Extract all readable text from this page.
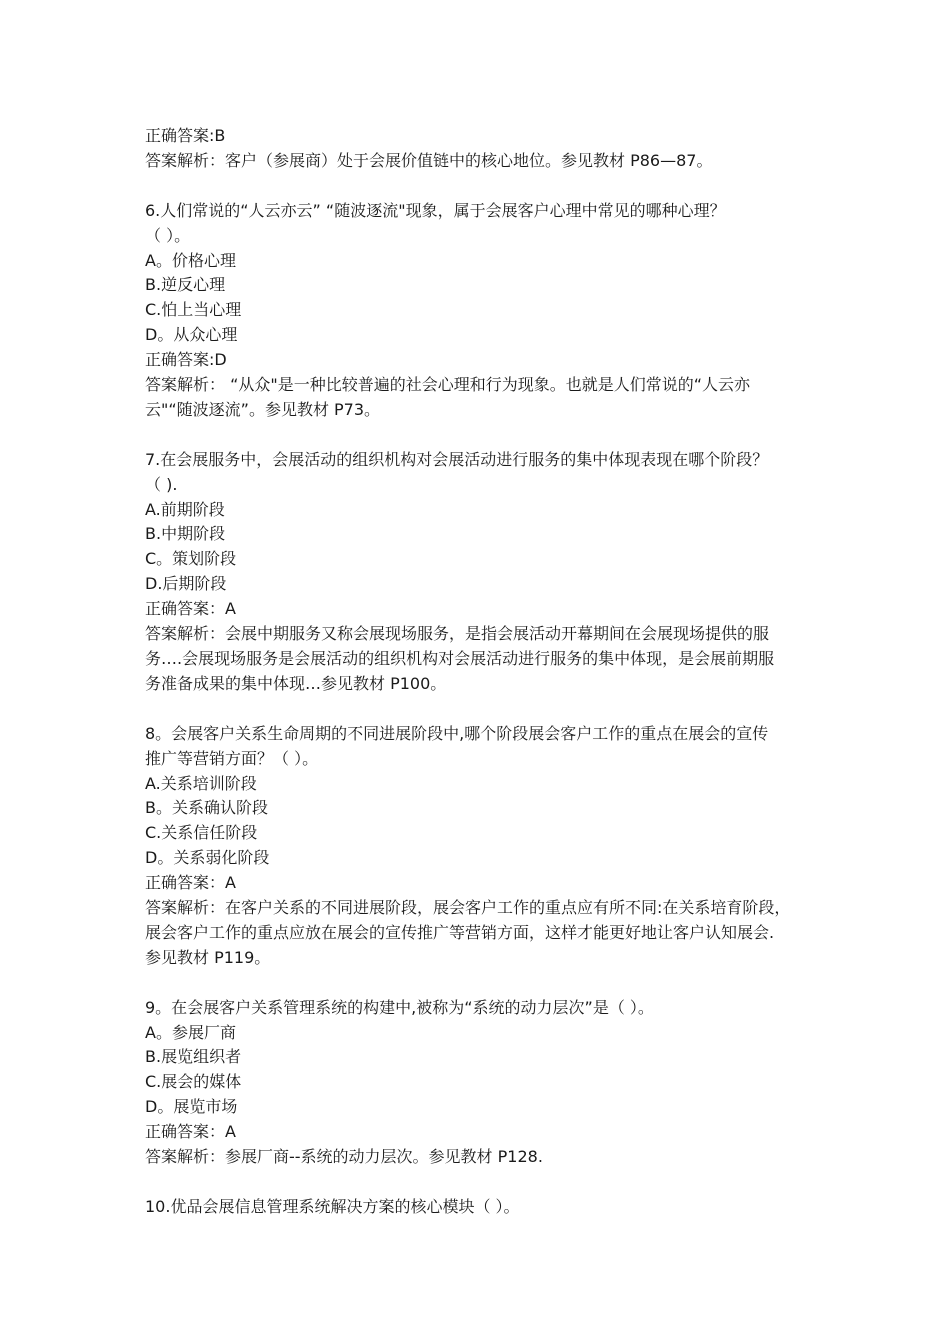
正确答案:B

答案解析：客户（参展商）处于会展价值链中的核心地位。参见教材 P86—87。

6.人们常说的“人云亦云” “随波逐流"现象，属于会展客户心理中常见的哪种心理？

（ ）。

A。价格心理

B.逆反心理

C.怕上当心理

D。从众心理

正确答案:D

答案解析： “从众"是一种比较普遍的社会心理和行为现象。也就是人们常说的“人云亦

云"“随波逐流”。参见教材 P73。

7.在会展服务中，会展活动的组织机构对会展活动进行服务的集中体现表现在哪个阶段？

（ ).

A.前期阶段

B.中期阶段

C。策划阶段

D.后期阶段

正确答案：A

答案解析：会展中期服务又称会展现场服务，是指会展活动开幕期间在会展现场提供的服

务….会展现场服务是会展活动的组织机构对会展活动进行服务的集中体现，是会展前期服

务准备成果的集中体现…参见教材 P100。

8。会展客户关系生命周期的不同进展阶段中,哪个阶段展会客户工作的重点在展会的宣传

推广等营销方面？（ ）。

A.关系培训阶段

B。关系确认阶段

C.关系信任阶段

D。关系弱化阶段

正确答案：A

答案解析：在客户关系的不同进展阶段，展会客户工作的重点应有所不同:在关系培育阶段，

展会客户工作的重点应放在展会的宣传推广等营销方面，这样才能更好地让客户认知展会.

参见教材 P119。

9。在会展客户关系管理系统的构建中,被称为“系统的动力层次”是（ ）。

A。参展厂商

B.展览组织者

C.展会的媒体

D。展览市场

正确答案：A

答案解析：参展厂商--系统的动力层次。参见教材 P128.

10.优品会展信息管理系统解决方案的核心模块（ ）。
